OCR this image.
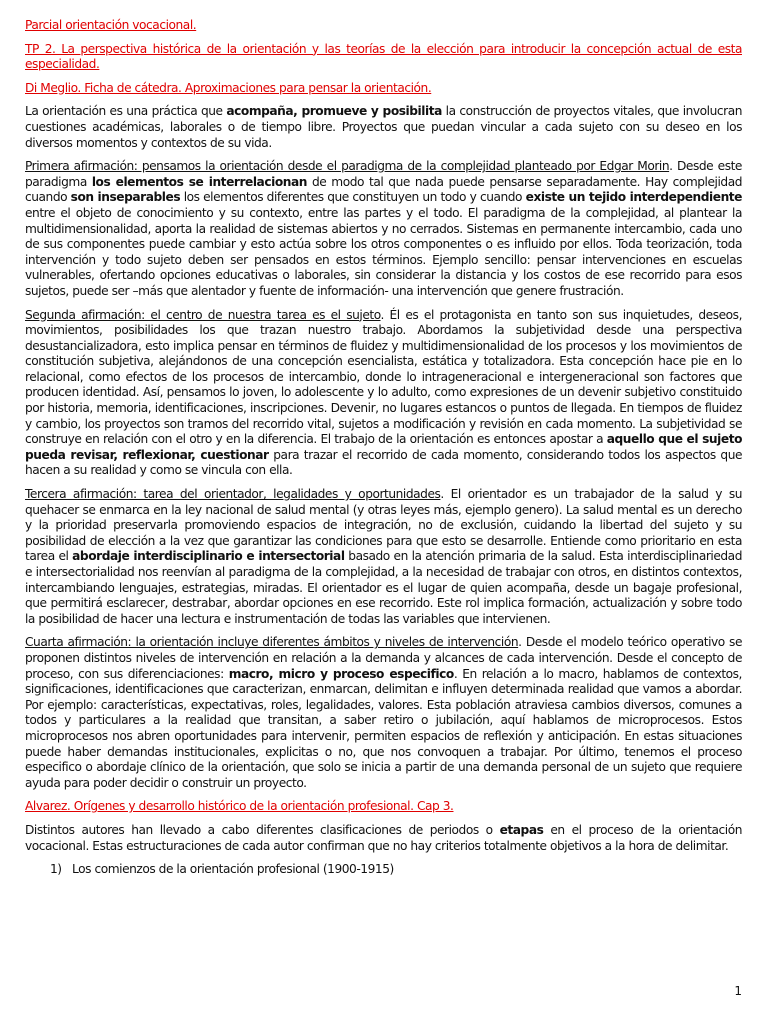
Parcial orientación vocacional.

TP 2. La perspectiva histórica de la orientación y las teorías de la elección para introducir la concepción actual de esta especialidad.

Di Meglio. Ficha de cátedra. Aproximaciones para pensar la orientación.

La orientación es una práctica que acompaña, promueve y posibilita la construcción de proyectos vitales, que involucran cuestiones académicas, laborales o de tiempo libre. Proyectos que puedan vincular a cada sujeto con su deseo en los diversos momentos y contextos de su vida.

Primera afirmación: pensamos la orientación desde el paradigma de la complejidad planteado por Edgar Morin. Desde este paradigma los elementos se interrelacionan de modo tal que nada puede pensarse separadamente. Hay complejidad cuando son inseparables los elementos diferentes que constituyen un todo y cuando existe un tejido interdependiente entre el objeto de conocimiento y su contexto, entre las partes y el todo. El paradigma de la complejidad, al plantear la multidimensionalidad, aporta la realidad de sistemas abiertos y no cerrados. Sistemas en permanente intercambio, cada uno de sus componentes puede cambiar y esto actúa sobre los otros componentes o es influido por ellos. Toda teorización, toda intervención y todo sujeto deben ser pensados en estos términos. Ejemplo sencillo: pensar intervenciones en escuelas vulnerables, ofertando opciones educativas o laborales, sin considerar la distancia y los costos de ese recorrido para esos sujetos, puede ser –más que alentador y fuente de información- una intervención que genere frustración.

Segunda afirmación: el centro de nuestra tarea es el sujeto. Él es el protagonista en tanto son sus inquietudes, deseos, movimientos, posibilidades los que trazan nuestro trabajo. Abordamos la subjetividad desde una perspectiva desustancializadora, esto implica pensar en términos de fluidez y multidimensionalidad de los procesos y los movimientos de constitución subjetiva, alejándonos de una concepción esencialista, estática y totalizadora. Esta concepción hace pie en lo relacional, como efectos de los procesos de intercambio, donde lo intrageneracional e intergeneracional son factores que producen identidad. Así, pensamos lo joven, lo adolescente y lo adulto, como expresiones de un devenir subjetivo constituido por historia, memoria, identificaciones, inscripciones. Devenir, no lugares estancos o puntos de llegada. En tiempos de fluidez y cambio, los proyectos son tramos del recorrido vital, sujetos a modificación y revisión en cada momento. La subjetividad se construye en relación con el otro y en la diferencia. El trabajo de la orientación es entonces apostar a aquello que el sujeto pueda revisar, reflexionar, cuestionar para trazar el recorrido de cada momento, considerando todos los aspectos que hacen a su realidad y como se vincula con ella.

Tercera afirmación: tarea del orientador, legalidades y oportunidades. El orientador es un trabajador de la salud y su quehacer se enmarca en la ley nacional de salud mental (y otras leyes más, ejemplo genero). La salud mental es un derecho y la prioridad preservarla promoviendo espacios de integración, no de exclusión, cuidando la libertad del sujeto y su posibilidad de elección a la vez que garantizar las condiciones para que esto se desarrolle. Entiende como prioritario en esta tarea el abordaje interdisciplinario e intersectorial basado en la atención primaria de la salud. Esta interdisciplinariedad e intersectorialidad nos reenvían al paradigma de la complejidad, a la necesidad de trabajar con otros, en distintos contextos, intercambiando lenguajes, estrategias, miradas. El orientador es el lugar de quien acompaña, desde un bagaje profesional, que permitirá esclarecer, destrabar, abordar opciones en ese recorrido. Este rol implica formación, actualización y sobre todo la posibilidad de hacer una lectura e instrumentación de todas las variables que intervienen.

Cuarta afirmación: la orientación incluye diferentes ámbitos y niveles de intervención. Desde el modelo teórico operativo se proponen distintos niveles de intervención en relación a la demanda y alcances de cada intervención. Desde el concepto de proceso, con sus diferenciaciones: macro, micro y proceso especifico. En relación a lo macro, hablamos de contextos, significaciones, identificaciones que caracterizan, enmarcan, delimitan e influyen determinada realidad que vamos a abordar. Por ejemplo: características, expectativas, roles, legalidades, valores. Esta población atraviesa cambios diversos, comunes a todos y particulares a la realidad que transitan, a saber retiro o jubilación, aquí hablamos de microprocesos. Estos microprocesos nos abren oportunidades para intervenir, permiten espacios de reflexión y anticipación. En estas situaciones puede haber demandas institucionales, explicitas o no, que nos convoquen a trabajar. Por último, tenemos el proceso especifico o abordaje clínico de la orientación, que solo se inicia a partir de una demanda personal de un sujeto que requiere ayuda para poder decidir o construir un proyecto.

Alvarez. Orígenes y desarrollo histórico de la orientación profesional. Cap 3.

Distintos autores han llevado a cabo diferentes clasificaciones de periodos o etapas en el proceso de la orientación vocacional. Estas estructuraciones de cada autor confirman que no hay criterios totalmente objetivos a la hora de delimitar.

1) Los comienzos de la orientación profesional (1900-1915)
1
